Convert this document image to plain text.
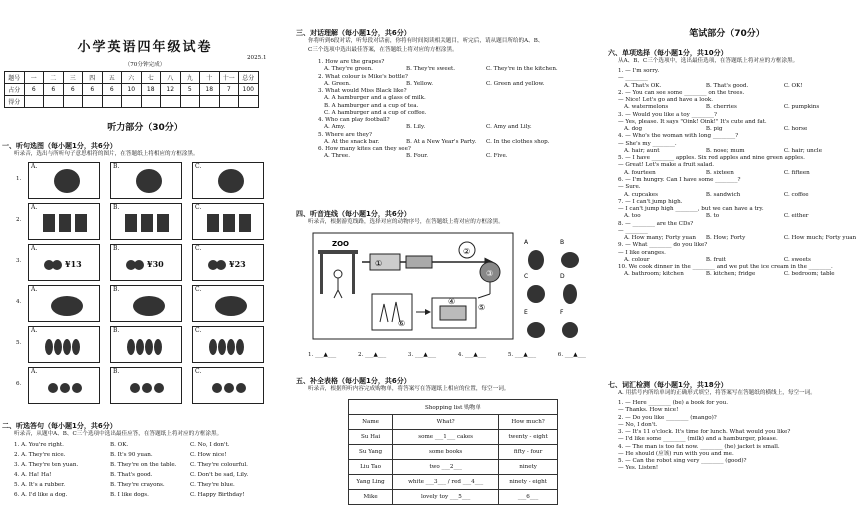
小学英语四年级试卷
2025.1
（70分钟完成）
题号	一	二	三	四	五	六	七	八	九	十	十一	总分
占分	6	6	6	6	6	10	18	12	5	18	7	100
得分												
听力部分（30分）
一、听句选图（每小题1分，共6分）
听录音，选出与所听句子意思相符的图片，在答题纸上将相应的方框涂黑。
1.
A.	B.	C.
2.
A.	B.	C.
3.
A.
¥13
B.
¥30
C.
¥23
4.
A.	B.	C.
5.
A.	B.	C.
6.
A.	B.	C.
二、听选答句（每小题1分，共6分）
听录音，从题中A、B、C三个选项中选出最佳应答，在答题纸上将对应的方框涂黑。
1. A. You're right.	B. OK.	C. No, I don't.
2. A. They're nice.	B. It's 90 yuan.	C. How nice!
3. A. They're ten yuan.	B. They're on the table.	C. They're colourful.
4. A. Ha! Ha!	B. That's good.	C. Don't be sad, Lily.
5. A. It's a rubber.	B. They're crayons.	C. They're blue.
6. A. I'd like a dog.	B. I like dogs.	C. Happy Birthday!
三、对话理解（每小题1分，共6分）
你将听到6段对话，听每段对话前，你将有时间阅读相关题目，听完后，请从题目所给的A、B、
C三个选项中选出最佳答案，在答题纸上将对应的方框涂黑。
1. How are the grapes?
A. They're green.	B. They're sweet.	C. They're in the kitchen.
2. What colour is Mike's bottle?
A. Green.	B. Yellow.	C. Green and yellow.
3. What would Miss Black like?
A. A hamburger and a glass of milk.
B. A hamburger and a cup of tea.
C. A hamburger and a cup of coffee.
4. Who can play football?
A. Amy.	B. Lily.	C. Amy and Lily.
5. Where are they?
A. At the snack bar.	B. At a New Year's Party.	C. In the clothes shop.
6. How many kites can they see?
A. Three.	B. Four.	C. Five.
四、听音连线（每小题1分，共6分）
听录音，根据游览线路，选择对应的动物序号，在答题纸上将对应的方框涂黑。
ZOO
①
②
③
⑥
④
⑤
A	B
C	D
E	F
1. ___▲___	2. ___▲___	3. ___▲___	4. ___▲___	5. ___▲___	6. ___▲___
五、补全表格（每小题1分，共6分）
听录音，根据所听内容完成购物单，将答案写在答题纸上相应的位置，每空一词。
Shopping list 购物单		
Name	What?	How much?
Su Hai	some ___1___ cakes	twenty - eight
Su Yang	some books	fifty - four
Liu Tao	two ___2___	ninety
Yang Ling	white ___3___ / red ___4___	ninety - eight
Mike	lovely toy ___5___	___6___
笔试部分（70分）
六、单项选择（每小题1分，共10分）
从A、B、C三个选项中，选出最佳选项，在答题纸上将对应的方框涂黑。
1. — I'm sorry.
— ________
A. That's OK.	B. That's good.	C. OK!
2. — You can see some ________ on the trees.
— Nice! Let's go and have a look.
A. watermelons	B. cherries	C. pumpkins
3. — Would you like a toy ________?
— Yes, please. It says "Oink! Oink!" It's cute and fat.
A. dog	B. pig	C. horse
4. — Who's the woman with long ________?
— She's my ________.
A. hair; aunt	B. nose; mum	C. hair; uncle
5. — I have ________ apples. Six red apples and nine green apples.
— Great! Let's make a fruit salad.
A. fourteen	B. sixteen	C. fifteen
6. — I'm hungry. Can I have some ________?
— Sure.
A. cupcakes	B. sandwich	C. coffee
7. — I can't jump high.
— I can't jump high ________, but we can have a try.
A. too	B. to	C. either
8. — ________ are the CDs?
— ________
A. How many; Forty yuan	B. How; Forty	C. How much; Forty yuan
9. — What ________ do you like?
— I like oranges.
A. colour	B. fruit	C. sweets
10. We cook dinner in the ________ and we put the ice cream in the ________.
A. bathroom; kitchen	B. kitchen; fridge	C. bedroom; table
七、词汇检测（每小题1分，共18分）
A. 用括号内所给单词的正确形式填空，将答案写在答题纸的横线上，每空一词。
1. — Here ________ (be) a book for you.
— Thanks. How nice!
2. — Do you like ________ (mango)?
— No, I don't.
3. — It's 11 o'clock. It's time for lunch. What would you like?
— I'd like some ________ (milk) and a hamburger, please.
4. — The man is too fat now. ________ (he) jacket is small.
— He should (应该) run with you and me.
5. — Can the robot sing very ________ (good)?
— Yes. Listen!
